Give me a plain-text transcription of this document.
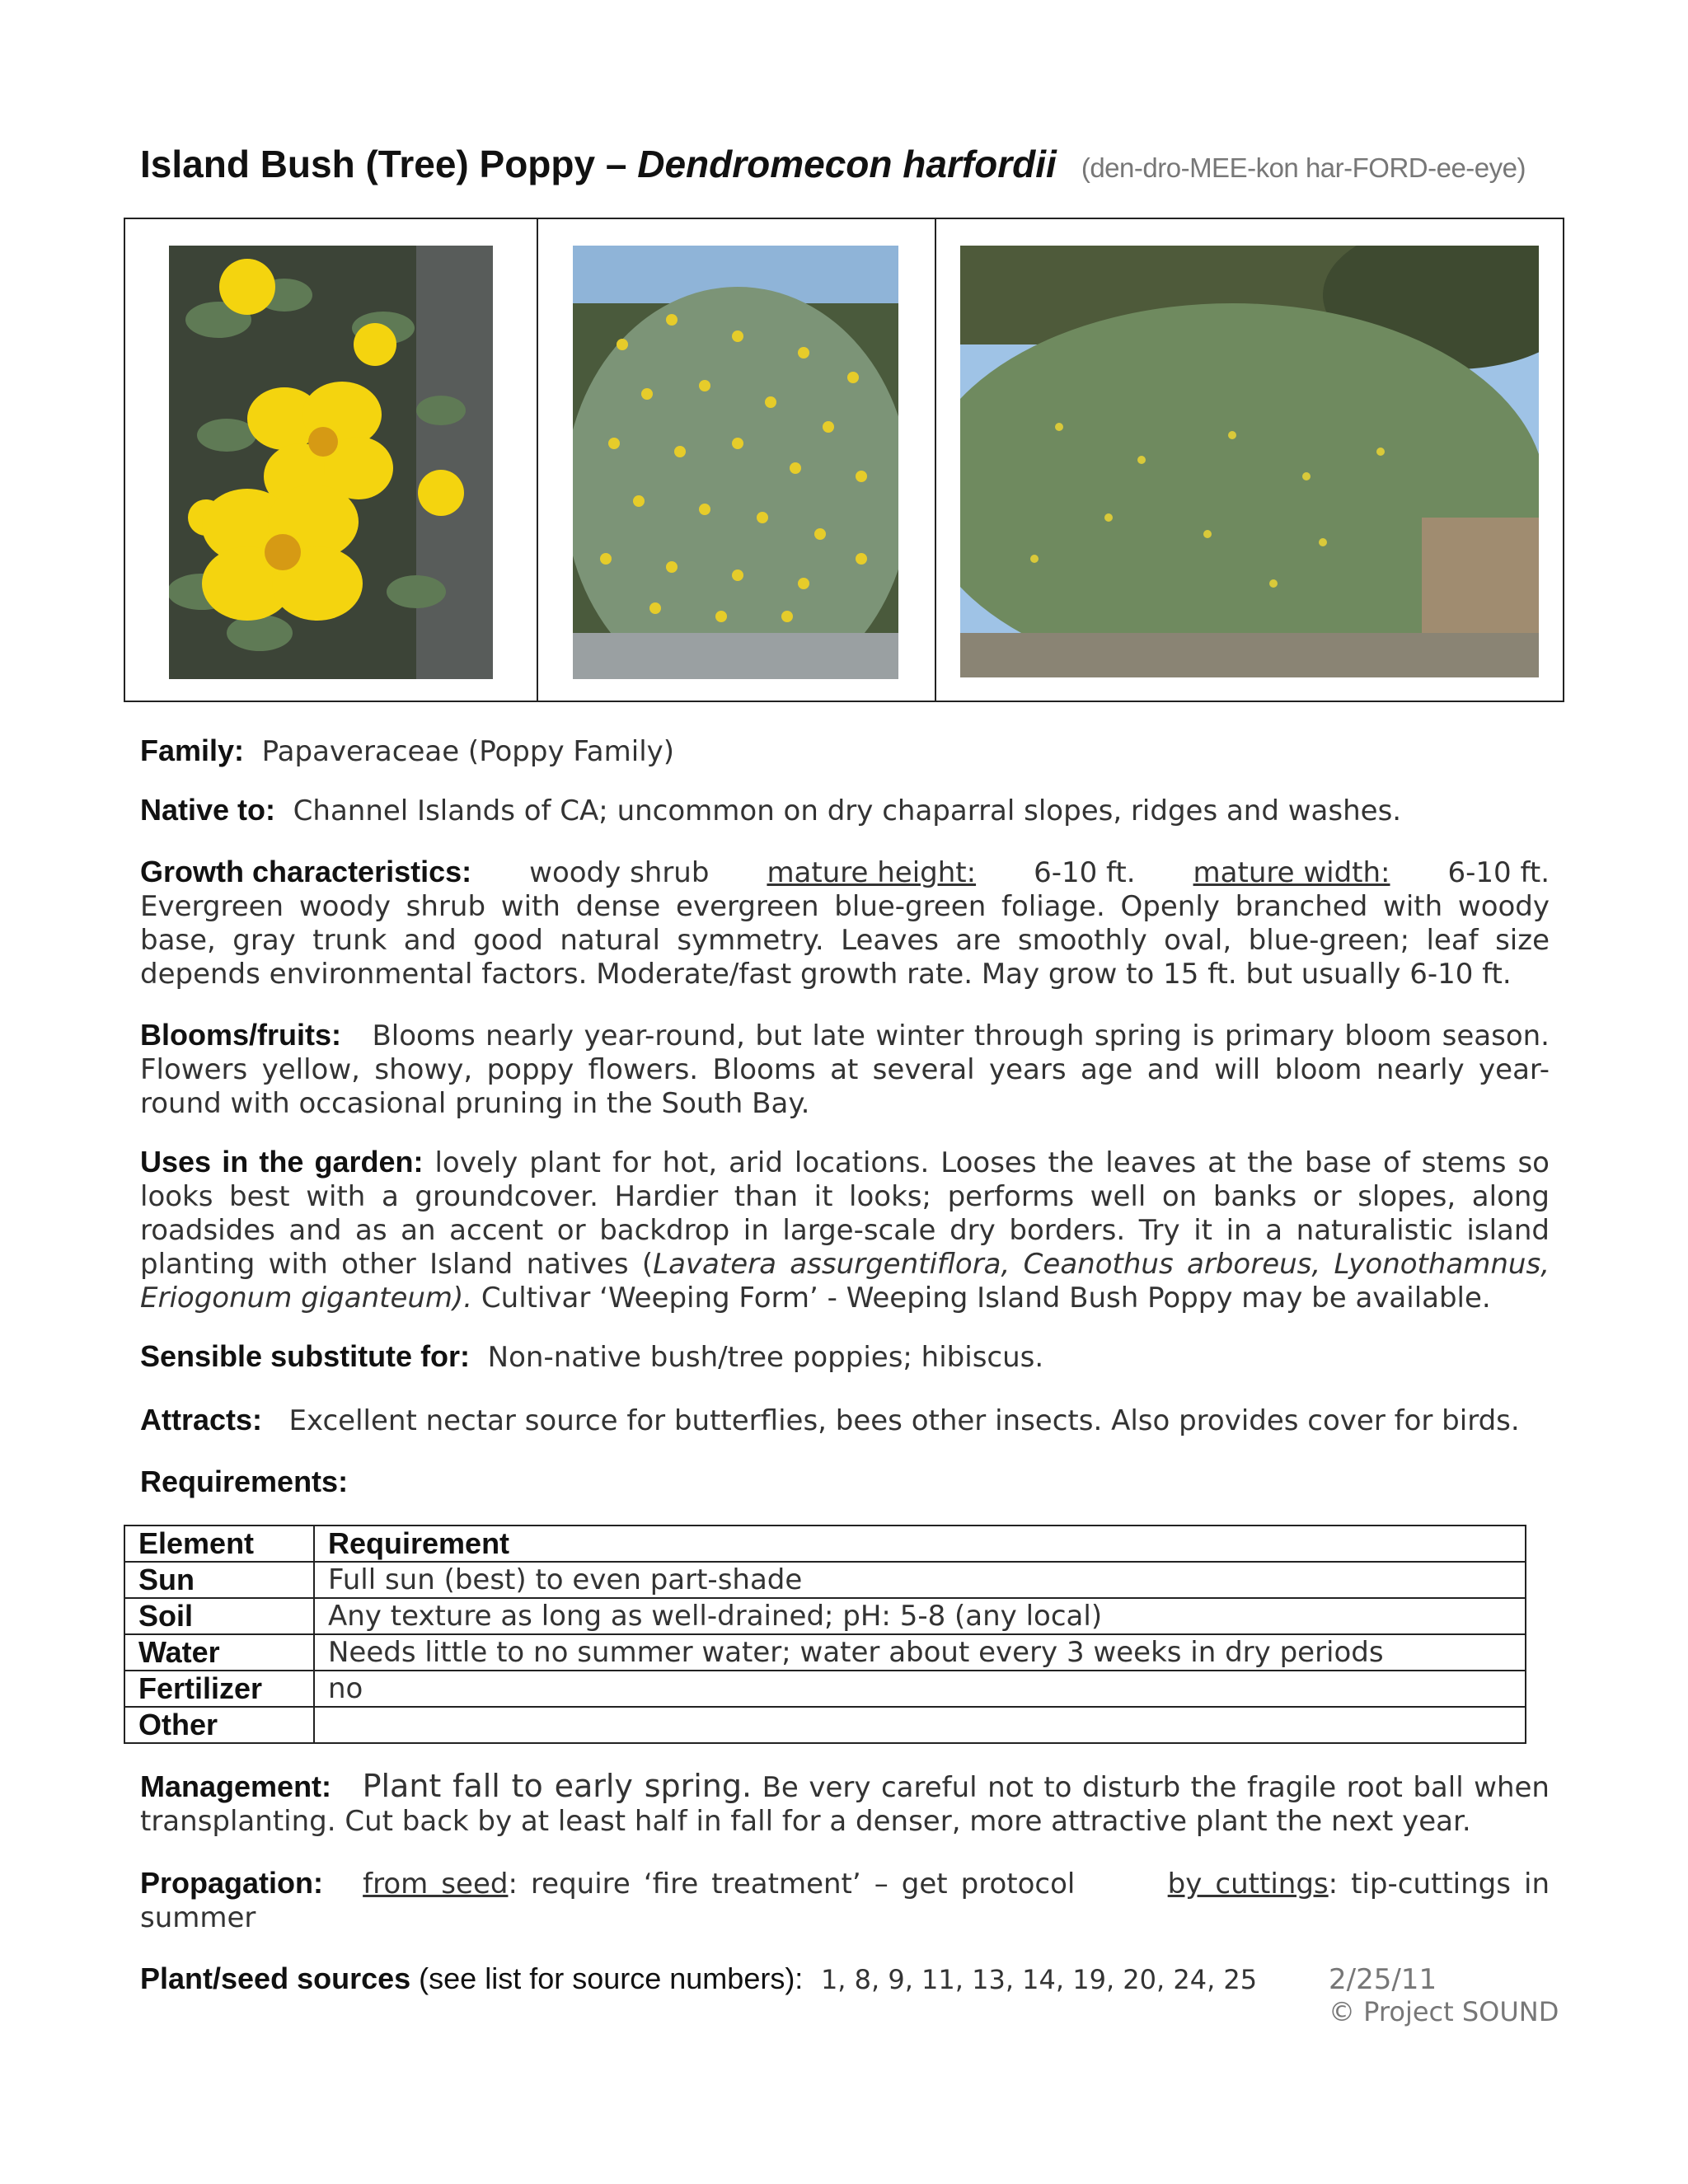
Island Bush (Tree) Poppy – Dendromecon harfordii (den-dro-MEE-kon har-FORD-ee-eye)
Family: Papaveraceae (Poppy Family)
Native to: Channel Islands of CA; uncommon on dry chaparral slopes, ridges and washes.
Growth characteristics: woody shrub mature height: 6-10 ft. mature width: 6-10 ft.
Evergreen woody shrub with dense evergreen blue-green foliage. Openly branched with woody base, gray trunk and good natural symmetry. Leaves are smoothly oval, blue-green; leaf size depends environmental factors. Moderate/fast growth rate. May grow to 15 ft. but usually 6-10 ft.
Blooms/fruits: Blooms nearly year-round, but late winter through spring is primary bloom season. Flowers yellow, showy, poppy flowers. Blooms at several years age and will bloom nearly year-round with occasional pruning in the South Bay.
Uses in the garden: lovely plant for hot, arid locations. Looses the leaves at the base of stems so looks best with a groundcover. Hardier than it looks; performs well on banks or slopes, along roadsides and as an accent or backdrop in large-scale dry borders. Try it in a naturalistic island planting with other Island natives (Lavatera assurgentiflora, Ceanothus arboreus, Lyonothamnus, Eriogonum giganteum). Cultivar ‘Weeping Form’ - Weeping Island Bush Poppy may be available.
Sensible substitute for: Non-native bush/tree poppies; hibiscus.
Attracts: Excellent nectar source for butterflies, bees other insects. Also provides cover for birds.
Requirements:
Element	Requirement
Sun	Full sun (best) to even part-shade
Soil	Any texture as long as well-drained; pH: 5-8 (any local)
Water	Needs little to no summer water; water about every 3 weeks in dry periods
Fertilizer	no
Other	
Management: Plant fall to early spring. Be very careful not to disturb the fragile root ball when transplanting. Cut back by at least half in fall for a denser, more attractive plant the next year.
Propagation: from seed: require ‘fire treatment’ – get protocol	by cuttings: tip-cuttings in summer
Plant/seed sources (see list for source numbers): 1, 8, 9, 11, 13, 14, 19, 20, 24, 25	2/25/11
© Project SOUND
